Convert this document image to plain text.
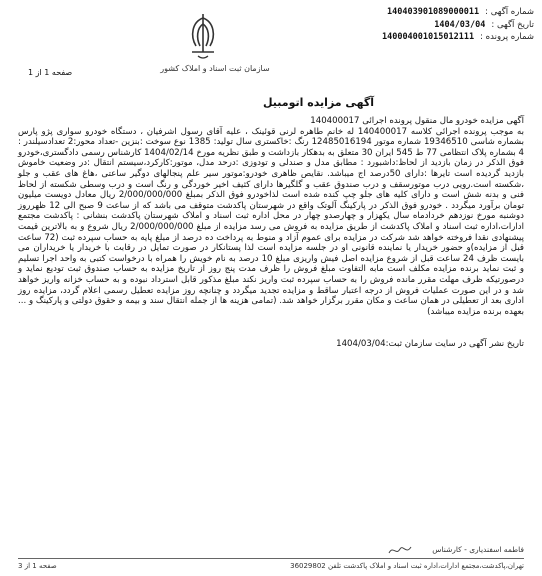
شماره آگهی :
140403901089000011
تاریخ آگهی :
1404/03/04
شماره پرونده :
140004001015012111
سازمان ثبت اسناد و املاک کشور
صفحه 1 از 1
آگهی مزایده اتومبیل
آگهی مزایده خودرو مال منقول پرونده اجرائی 140400017
به موجب پرونده اجرائی کلاسه 140400017 له خانم طاهره لرنی قوئینک ، علیه آقای رسول اشرفیان ، دستگاه خودرو سواری پژو پارس بشماره شاسی 19346510 شماره موتور 12485016194 رنگ :خاکستری سال تولید: 1385 نوع سوخت :بنزین -تعداد محور:2 تعدادسیلندر : 4 بشماره پلاک انتظامی 77 ط 545 ایران 30 متعلق به بدهکار بازداشت و طبق نظریه مورخ 1404/02/14 کارشناس رسمی دادگستری،خودرو فوق الذکر در زمان بازدید از لحاظ:داشبورد : مطابق مدل و صندلی و تودوزی :درحد مدل، موتور:کارکرد،سیستم انتقال :در وضعیت خاموش بازدید گردیده است تایرها :دارای 50درصد اج میباشد. نقایص ظاهری خودرو:موتور سیر علم پنجالهای دوگیر ساعتی ،هاغ های عقب و جلو ،شکسته است.رویی درب موتورسقف و درب صندوق عقب و گلگیرها دارای کثیف اخیر خوردگی و رنگ است و درب وسطی شکسته از لحاظ فنی و بدنه شش است و دارای کلیه های جلو چپ کنده شده است لذاخودرو فوق الذکر بمبلغ 2/000/000/000 ریال معادل دویست میلیون تومان برآورد میگردد . خودرو فوق الذکر در پارکینگ آلوتک واقع در شهرستان پاکدشت متوقف می باشد که از ساعت 9 صبح الی 12 ظهرروز دوشنبه مورخ نوزدهم خردادماه سال یکهزار و چهارصدو چهار در محل اداره ثبت اسناد و املاک شهرستان پاکدشت بنشانی : پاکدشت مجتمع ادارات،اداره ثبت اسناد و املاک پاکدشت از طریق مزایده به فروش می رسد مزایده از مبلغ 2/000/000/000 ریال شروع و به بالاترین قیمت پیشنهادی نقدا فروخته خواهد شد شرکت در مزایده برای عموم آزاد و منوط به پرداخت ده درصد از مبلغ پایه به حساب سپرده ثبت (72 ساعت قبل از مزایده)و حضور خریدار یا نماینده قانونی او در جلسه مزایده است لذا پستانکار در صورت تمایل در رقابت با خریدار یا خریداران می بایست ظرف 24 ساعت قبل از شروع مزایده اصل فیش واریزی مبلغ 10 درصد به نام خویش را همراه با درخواست کتبی به واحد اجرا تسلیم و ثبت نماید برنده مزایده مکلف است مابه التفاوت مبلغ فروش را ظرف مدت پنج روز از تاریخ مزایده به حساب صندوق ثبت تودیع نماید و درصورتیکه ظرف مهلت مقرر مانده فروش را به حساب سپرده ثبت واریز نکند مبلغ مذکور قابل استرداد نبوده و به حساب خزانه واریز خواهد شد و در این صورت عملیات فروش از درجه اعتبار ساقط و مزایده تجدید میگردد و چنانچه روز مزایده تعطیل رسمی اعلام گردد، مزایده روز اداری بعد از تعطیلی در همان ساعت و مکان مقرر برگزار خواهد شد. (تمامی هزینه ها از جمله انتقال سند و بیمه و حقوق دولتی و پارکینگ و ... بعهده برنده مزایده میباشد)
تاریخ نشر آگهی در سایت سازمان ثبت:1404/03/04
فاطمه اسفندیاری - کارشناس
صفحه 1 از 3	تهران،پاکدشت،مجتمع ادارات،اداره ثبت اسناد و املاک پاکدشت تلفن 36029802
